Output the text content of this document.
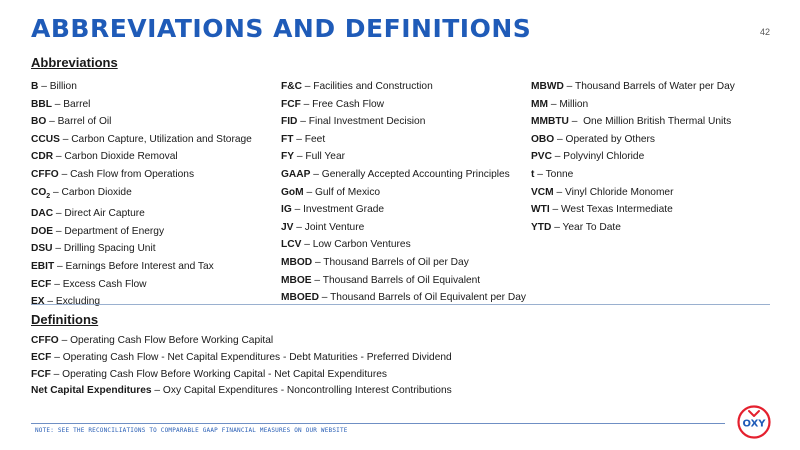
ABBREVIATIONS AND DEFINITIONS	42
Abbreviations
B – Billion
BBL – Barrel
BO – Barrel of Oil
CCUS – Carbon Capture, Utilization and Storage
CDR – Carbon Dioxide Removal
CFFO – Cash Flow from Operations
$CO_2$ – Carbon Dioxide
DAC – Direct Air Capture
DOE – Department of Energy
DSU – Drilling Spacing Unit
EBIT – Earnings Before Interest and Tax
ECF – Excess Cash Flow
EX – Excluding
F&C – Facilities and Construction
FCF – Free Cash Flow
FID – Final Investment Decision
FT – Feet
FY – Full Year
GAAP – Generally Accepted Accounting Principles
GoM – Gulf of Mexico
IG – Investment Grade
JV – Joint Venture
LCV – Low Carbon Ventures
MBOD – Thousand Barrels of Oil per Day
MBOE – Thousand Barrels of Oil Equivalent
MBOED – Thousand Barrels of Oil Equivalent per Day
MBWD – Thousand Barrels of Water per Day
MM – Million
MMBTU –  One Million British Thermal Units
OBO – Operated by Others
PVC – Polyvinyl Chloride
t – Tonne
VCM – Vinyl Chloride Monomer
WTI – West Texas Intermediate
YTD – Year To Date
Definitions
CFFO – Operating Cash Flow Before Working Capital
ECF – Operating Cash Flow - Net Capital Expenditures - Debt Maturities - Preferred Dividend
FCF – Operating Cash Flow Before Working Capital - Net Capital Expenditures
Net Capital Expenditures – Oxy Capital Expenditures - Noncontrolling Interest Contributions
NOTE: SEE THE RECONCILIATIONS TO COMPARABLE GAAP FINANCIAL MEASURES ON OUR WEBSITE
OXY
